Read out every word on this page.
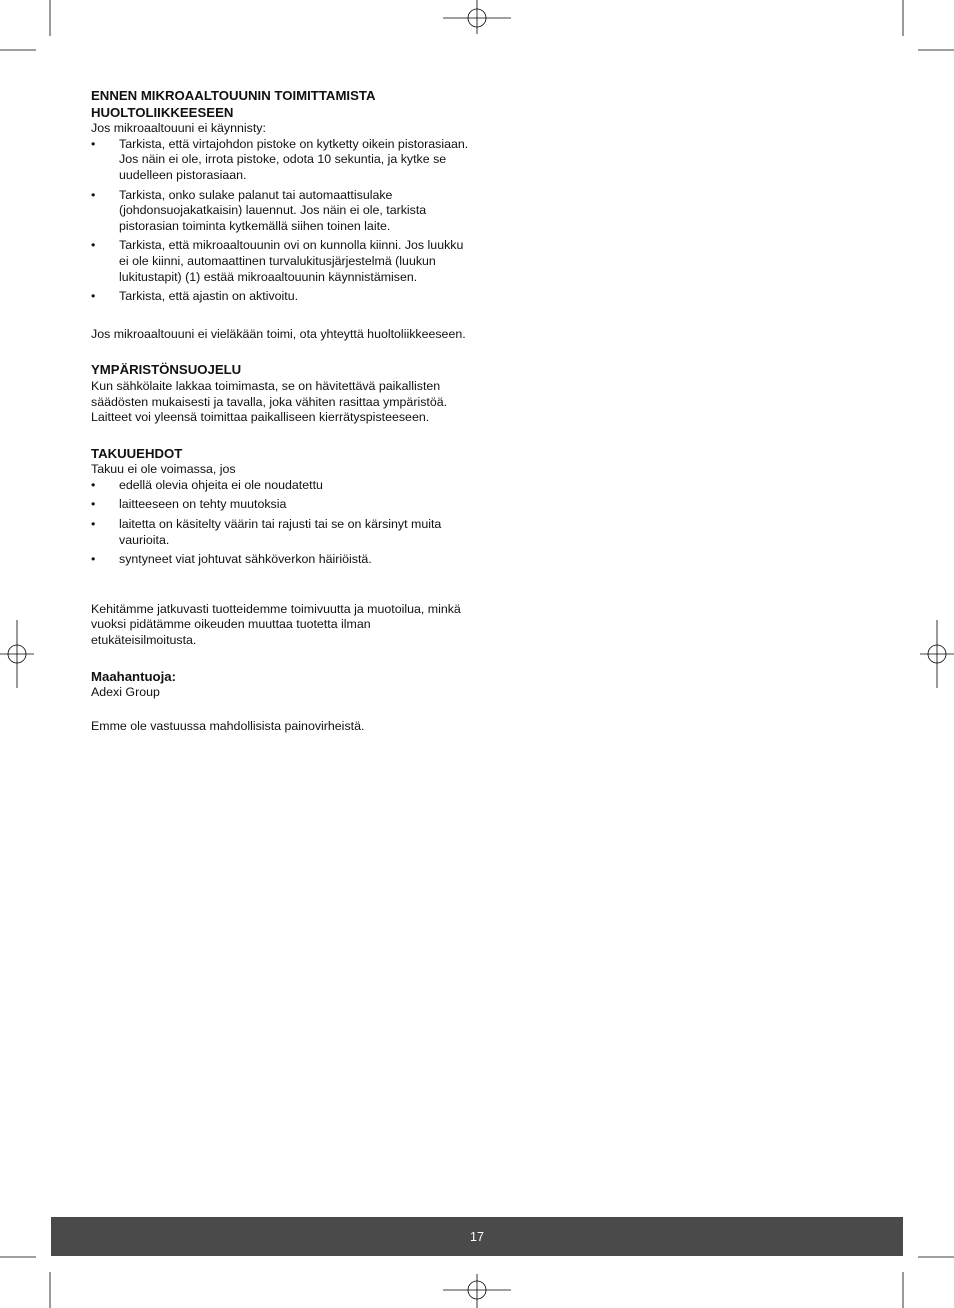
ENNEN MIKROAALTOUUNIN TOIMITTAMISTA HUOLTOLIIKKEESEEN

Jos mikroaaltouuni ei käynnisty:

• Tarkista, että virtajohdon pistoke on kytketty oikein pistorasiaan. Jos näin ei ole, irrota pistoke, odota 10 sekuntia, ja kytke se uudelleen pistorasiaan.
• Tarkista, onko sulake palanut tai automaattisulake (johdonsuojakatkaisin) lauennut. Jos näin ei ole, tarkista pistorasian toiminta kytkemällä siihen toinen laite.
• Tarkista, että mikroaaltouunin ovi on kunnolla kiinni. Jos luukku ei ole kiinni, automaattinen turvalukitusjärjestelmä (luukun lukitustapit) (1) estää mikroaaltouunin käynnistämisen.
• Tarkista, että ajastin on aktivoitu.

Jos mikroaaltouuni ei vieläkään toimi, ota yhteyttä huoltoliikkeeseen.

YMPÄRISTÖNSUOJELU

Kun sähkölaite lakkaa toimimasta, se on hävitettävä paikallisten säädösten mukaisesti ja tavalla, joka vähiten rasittaa ympäristöä. Laitteet voi yleensä toimittaa paikalliseen kierrätyspisteeseen.

TAKUUEHDOT

Takuu ei ole voimassa, jos

• edellä olevia ohjeita ei ole noudatettu
• laitteeseen on tehty muutoksia
• laitetta on käsitelty väärin tai rajusti tai se on kärsinyt muita vaurioita.
• syntyneet viat johtuvat sähköverkon häiriöistä.

Kehitämme jatkuvasti tuotteidemme toimivuutta ja muotoilua, minkä vuoksi pidätämme oikeuden muuttaa tuotetta ilman etukäteisilmoitusta.

Maahantuoja:

Adexi Group

Emme ole vastuussa mahdollisista painovirheistä.

17
